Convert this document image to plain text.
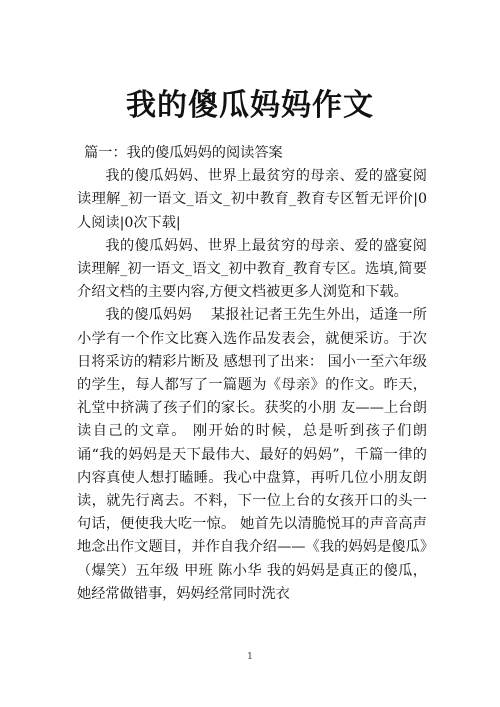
我的傻瓜妈妈作文

篇一：我的傻瓜妈妈的阅读答案

我的傻瓜妈妈、世界上最贫穷的母亲、爱的盛宴阅读理解_初一语文_语文_初中教育_教育专区暂无评价|0人阅读|0次下载|

我的傻瓜妈妈、世界上最贫穷的母亲、爱的盛宴阅读理解_初一语文_语文_初中教育_教育专区。选填,简要介绍文档的主要内容,方便文档被更多人浏览和下载。

我的傻瓜妈妈　 某报社记者王先生外出，适逢一所小学有一个作文比赛入选作品发表会，就便采访。于次日将采访的精彩片断及 感想刊了出来： 国小一至六年级的学生，每人都写了一篇题为《母亲》的作文。昨天，礼堂中挤满了孩子们的家长。获奖的小朋 友——上台朗读自己的文章。 刚开始的时候，总是听到孩子们朗诵“我的妈妈是天下最伟大、最好的妈妈”，千篇一律的内容真使人想打瞌睡。我心中盘算，再听几位小朋友朗读，就先行离去。不料，下一位上台的女孩开口的头一句话，便使我大吃一惊。 她首先以清脆悦耳的声音高声地念出作文题目，并作自我介绍——《我的妈妈是傻瓜》（爆笑）五年级 甲班 陈小华 我的妈妈是真正的傻瓜，她经常做错事，妈妈经常同时洗衣

1
